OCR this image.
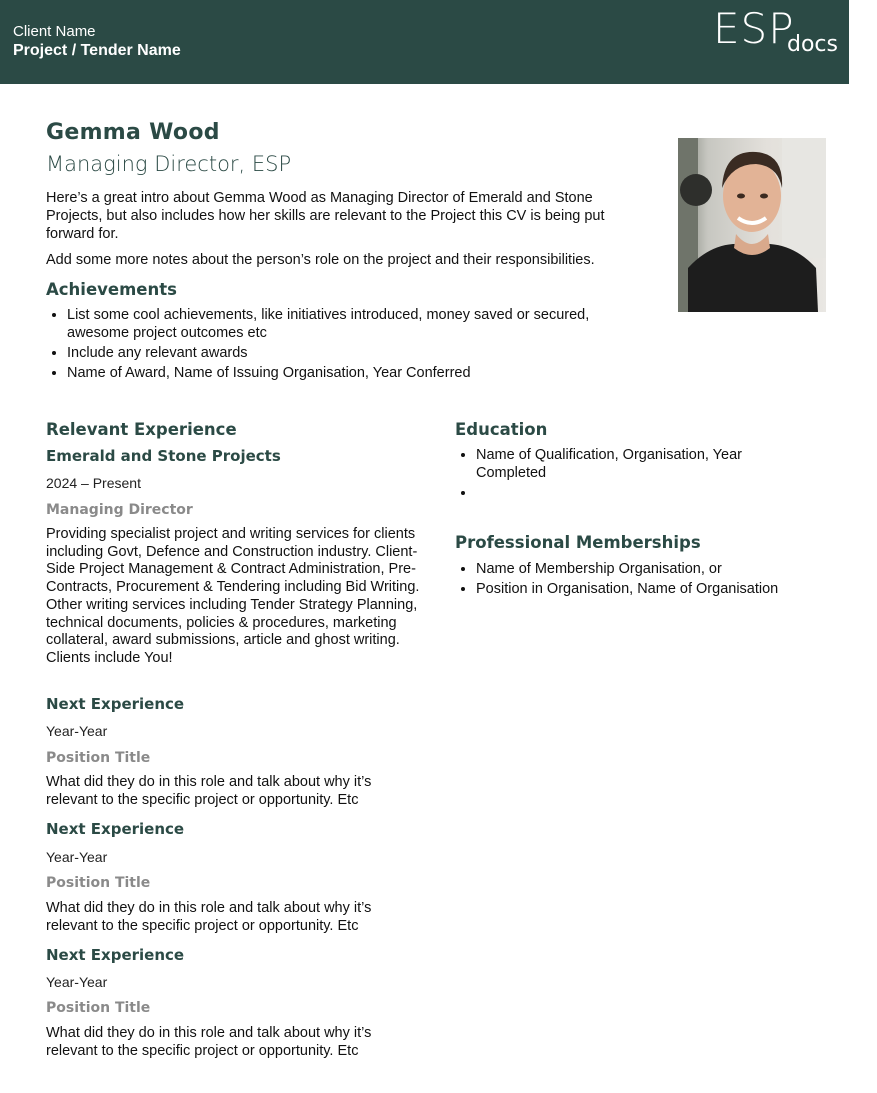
Client Name
Project / Tender Name	ESP
docs
Gemma Wood
Managing Director, ESP

Here’s a great intro about Gemma Wood as Managing Director of Emerald and Stone Projects, but also includes how her skills are relevant to the Project this CV is being put forward for.

Add some more notes about the person’s role on the project and their responsibilities.

Achievements
• List some cool achievements, like initiatives introduced, money saved or secured, awesome project outcomes etc
• Include any relevant awards
• Name of Award, Name of Issuing Organisation, Year Conferred
Relevant Experience
Emerald and Stone Projects
2024 – Present
Managing Director

Providing specialist project and writing services for clients including Govt, Defence and Construction industry. Client-Side Project Management & Contract Administration, Pre-Contracts, Procurement & Tendering including Bid Writing. Other writing services including Tender Strategy Planning, technical documents, policies & procedures, marketing collateral, award submissions, article and ghost writing. Clients include You!

Next Experience
Year-Year
Position Title

What did they do in this role and talk about why it’s relevant to the specific project or opportunity. Etc

Next Experience
Year-Year
Position Title

What did they do in this role and talk about why it’s relevant to the specific project or opportunity. Etc

Next Experience
Year-Year
Position Title

What did they do in this role and talk about why it’s relevant to the specific project or opportunity. Etc

Education
• Name of Qualification, Organisation, Year Completed
•
Professional Memberships
• Name of Membership Organisation, or
• Position in Organisation, Name of Organisation
